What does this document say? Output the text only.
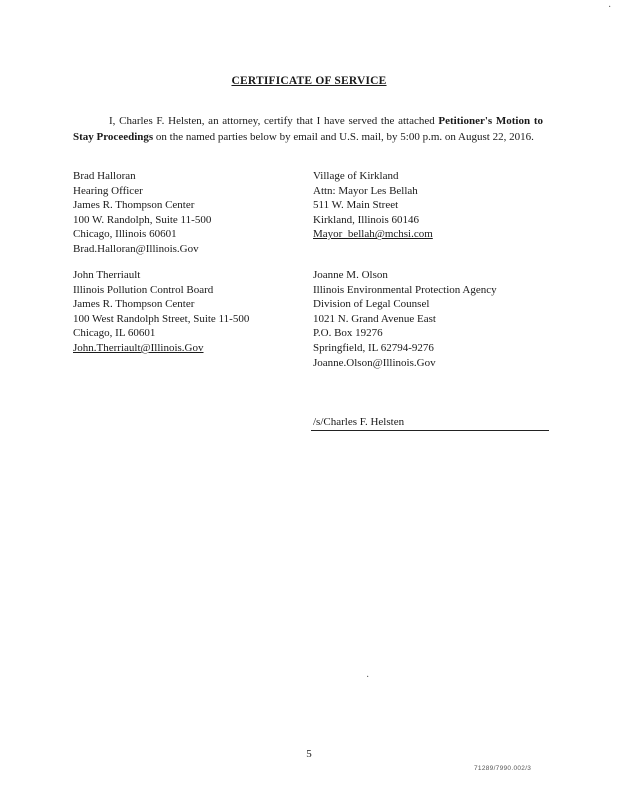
CERTIFICATE OF SERVICE
I, Charles F. Helsten, an attorney, certify that I have served the attached Petitioner's Motion to Stay Proceedings on the named parties below by email and U.S. mail, by 5:00 p.m. on August 22, 2016.
Brad Halloran
Hearing Officer
James R. Thompson Center
100 W. Randolph, Suite 11-500
Chicago, Illinois 60601
Brad.Halloran@Illinois.Gov
Village of Kirkland
Attn: Mayor Les Bellah
511 W. Main Street
Kirkland, Illinois 60146
Mayor_bellah@mchsi.com
John Therriault
Illinois Pollution Control Board
James R. Thompson Center
100 West Randolph Street, Suite 11-500
Chicago, IL 60601
John.Therriault@Illinois.Gov
Joanne M. Olson
Illinois Environmental Protection Agency
Division of Legal Counsel
1021 N. Grand Avenue East
P.O. Box 19276
Springfield, IL 62794-9276
Joanne.Olson@Illinois.Gov
/s/Charles F. Helsten
·
·
5
71289/7990.002/3
